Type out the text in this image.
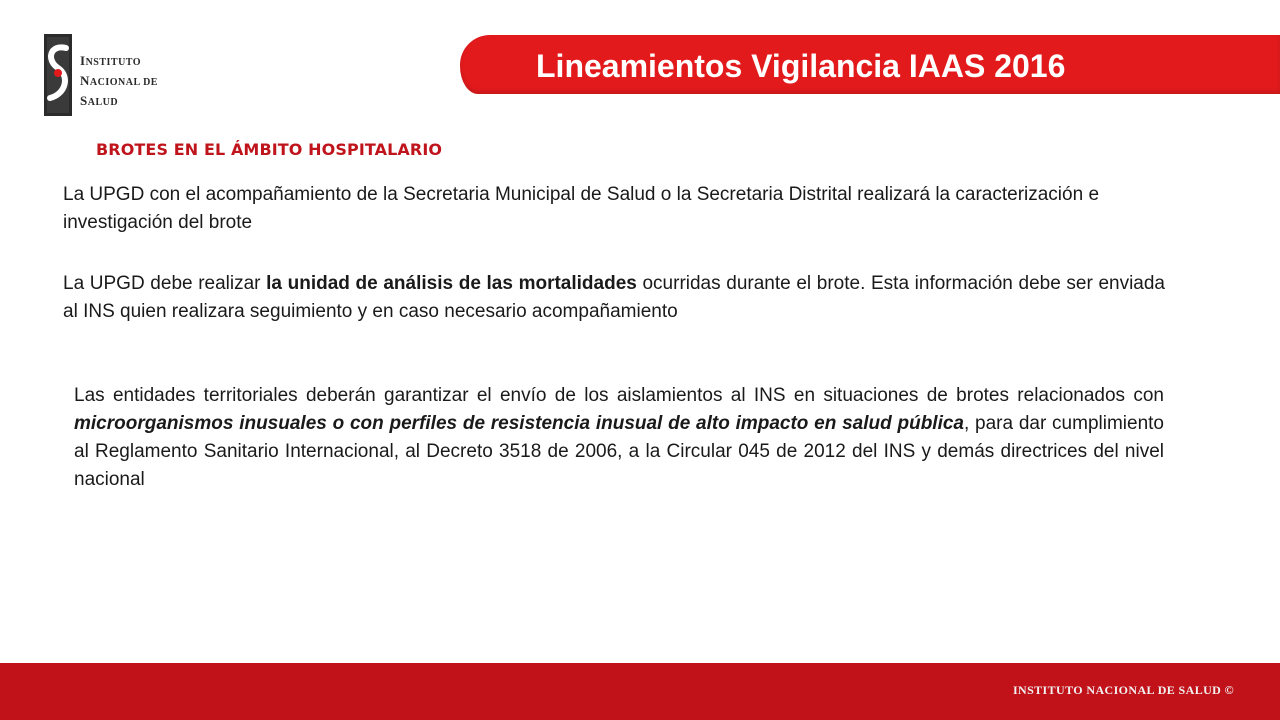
INSTITUTO
NACIONAL DE
SALUD
Lineamientos Vigilancia IAAS 2016
BROTES EN EL ÁMBITO HOSPITALARIO
La UPGD con el acompañamiento de la Secretaria Municipal de Salud o la Secretaria Distrital realizará la caracterización e investigación del brote
La UPGD debe realizar la unidad de análisis de las mortalidades ocurridas durante el brote. Esta información debe ser enviada al INS quien realizara seguimiento y en caso necesario acompañamiento
Las entidades territoriales deberán garantizar el envío de los aislamientos al INS en situaciones de brotes relacionados con microorganismos inusuales o con perfiles de resistencia inusual de alto impacto en salud pública, para dar cumplimiento al Reglamento Sanitario Internacional, al Decreto 3518 de 2006, a la Circular 045 de 2012 del INS y demás directrices del nivel nacional
INSTITUTO NACIONAL DE SALUD ©
